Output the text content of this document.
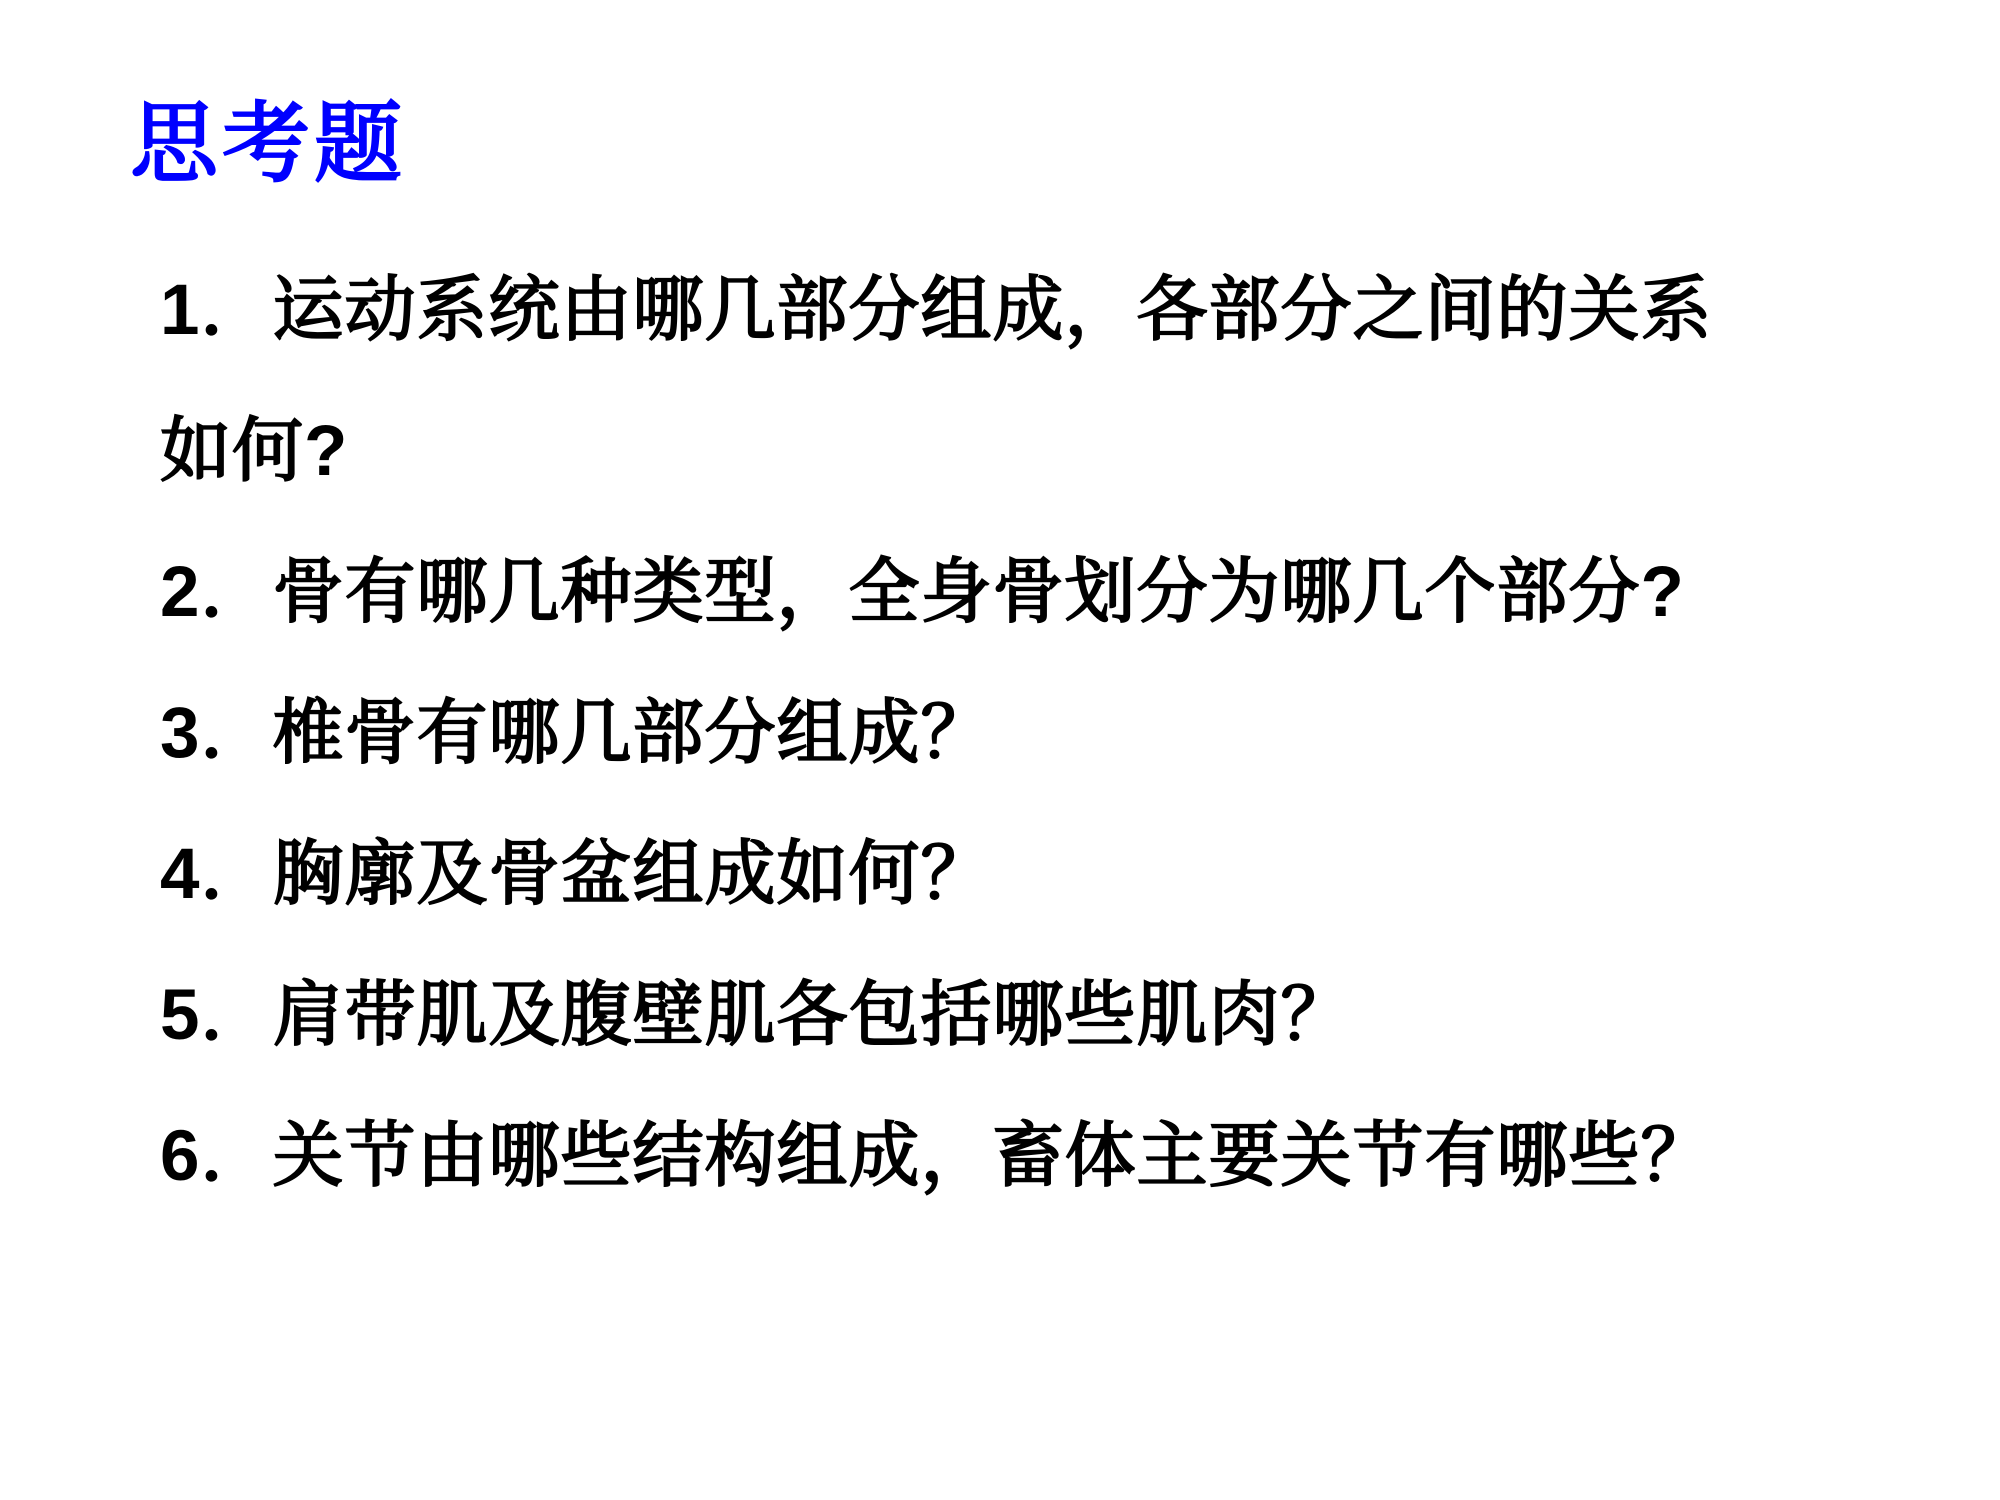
思考题
1．运动系统由哪几部分组成，各部分之间的关系
如何?
2．骨有哪几种类型，全身骨划分为哪几个部分?
3．椎骨有哪几部分组成？
4．胸廓及骨盆组成如何？
5．肩带肌及腹壁肌各包括哪些肌肉？
6．关节由哪些结构组成，畜体主要关节有哪些？
